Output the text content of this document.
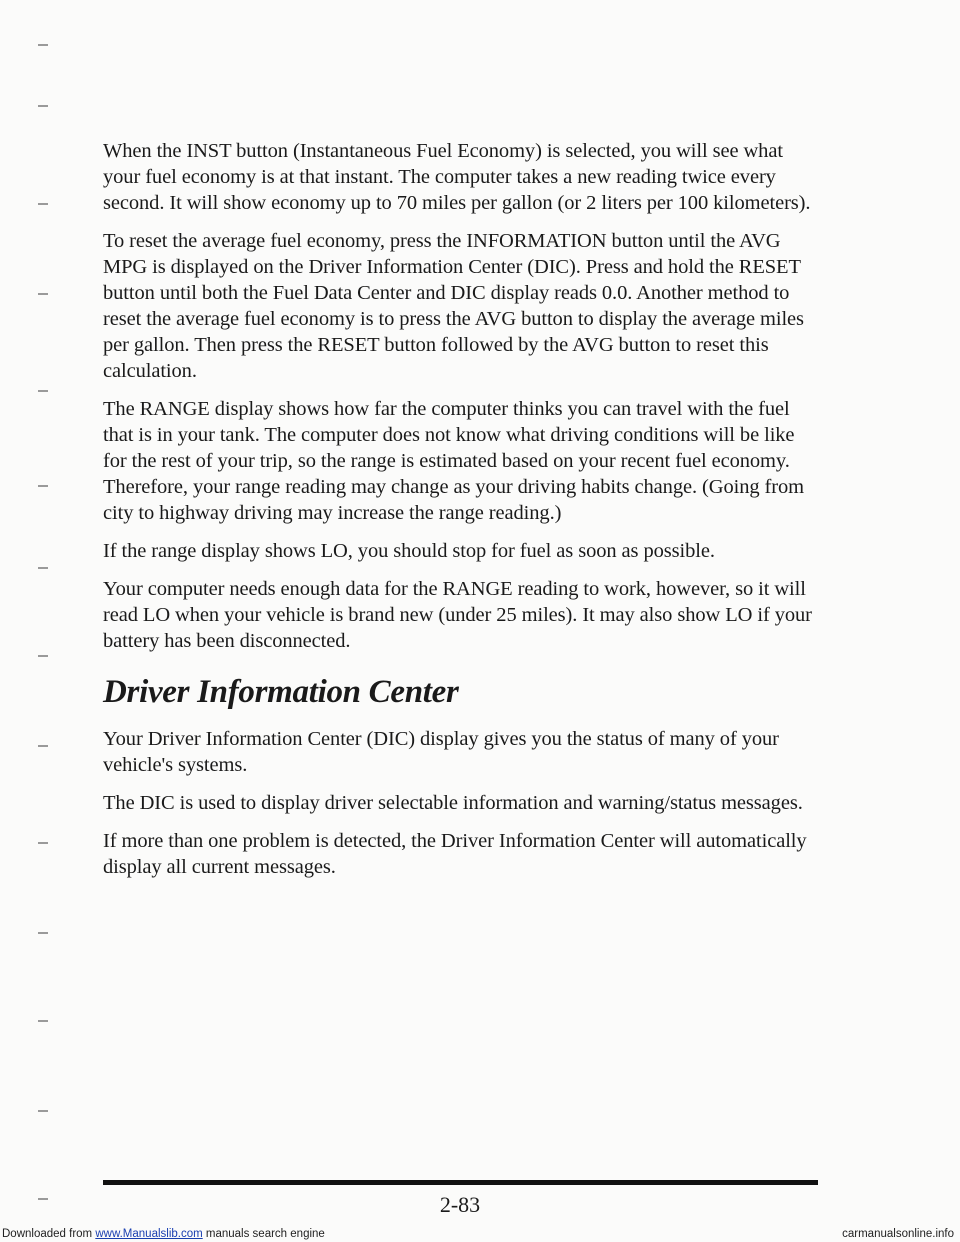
When the INST button (Instantaneous Fuel Economy) is selected, you will see what your fuel economy is at that instant. The computer takes a new reading twice every second. It will show economy up to 70 miles per gallon (or 2 liters per 100 kilometers).

To reset the average fuel economy, press the INFORMATION button until the AVG MPG is displayed on the Driver Information Center (DIC). Press and hold the RESET button until both the Fuel Data Center and DIC display reads 0.0. Another method to reset the average fuel economy is to press the AVG button to display the average miles per gallon. Then press the RESET button followed by the AVG button to reset this calculation.

The RANGE display shows how far the computer thinks you can travel with the fuel that is in your tank. The computer does not know what driving conditions will be like for the rest of your trip, so the range is estimated based on your recent fuel economy. Therefore, your range reading may change as your driving habits change. (Going from city to highway driving may increase the range reading.)

If the range display shows LO, you should stop for fuel as soon as possible.

Your computer needs enough data for the RANGE reading to work, however, so it will read LO when your vehicle is brand new (under 25 miles). It may also show LO if your battery has been disconnected.

Driver Information Center

Your Driver Information Center (DIC) display gives you the status of many of your vehicle's systems.

The DIC is used to display driver selectable information and warning/status messages.

If more than one problem is detected, the Driver Information Center will automatically display all current messages.

2-83
Downloaded from www.Manualslib.com manuals search engine	carmanualsonline.info
